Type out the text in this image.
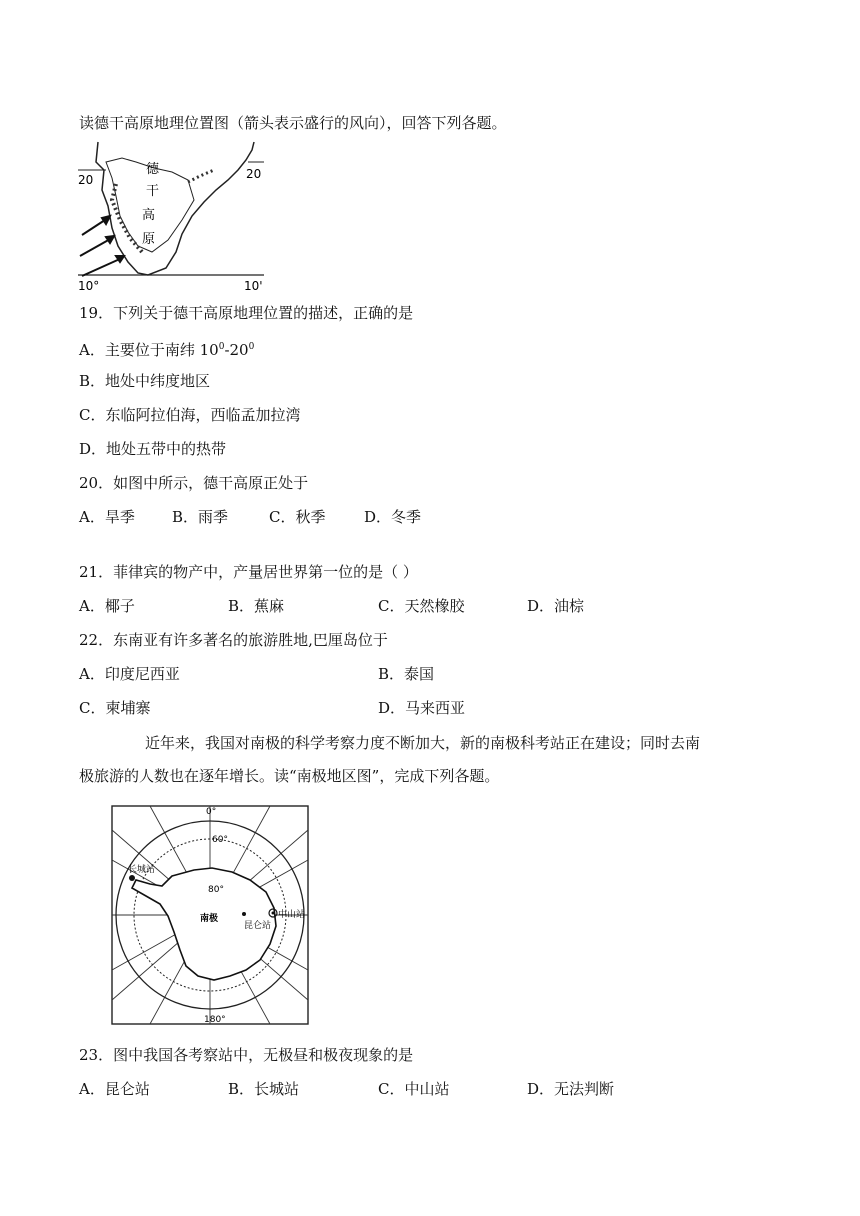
读德干高原地理位置图（箭头表示盛行的风向），回答下列各题。
20	20
10°	10'
德
干
高
原
19．下列关于德干高原地理位置的描述，正确的是
A．主要位于南纬 $10^0-20^0$
B．地处中纬度地区
C．东临阿拉伯海，西临孟加拉湾
D．地处五带中的热带
20．如图中所示，德干高原正处于
A．旱季 B．雨季	C．秋季	D．冬季
21．菲律宾的物产中，产量居世界第一位的是（ ）
A．椰子	B．蕉麻	C．天然橡胶	D．油棕
22．东南亚有许多著名的旅游胜地,巴厘岛位于
A．印度尼西亚	B．泰国
C．柬埔寨	D．马来西亚
近年来，我国对南极的科学考察力度不断加大，新的南极科考站正在建设；同时去南
极旅游的人数也在逐年增长。读“南极地区图”，完成下列各题。
0°
60°
80°
180°
长城站
中山站
昆仑站
南极
23．图中我国各考察站中，无极昼和极夜现象的是
A．昆仑站	B．长城站	C．中山站	D．无法判断
